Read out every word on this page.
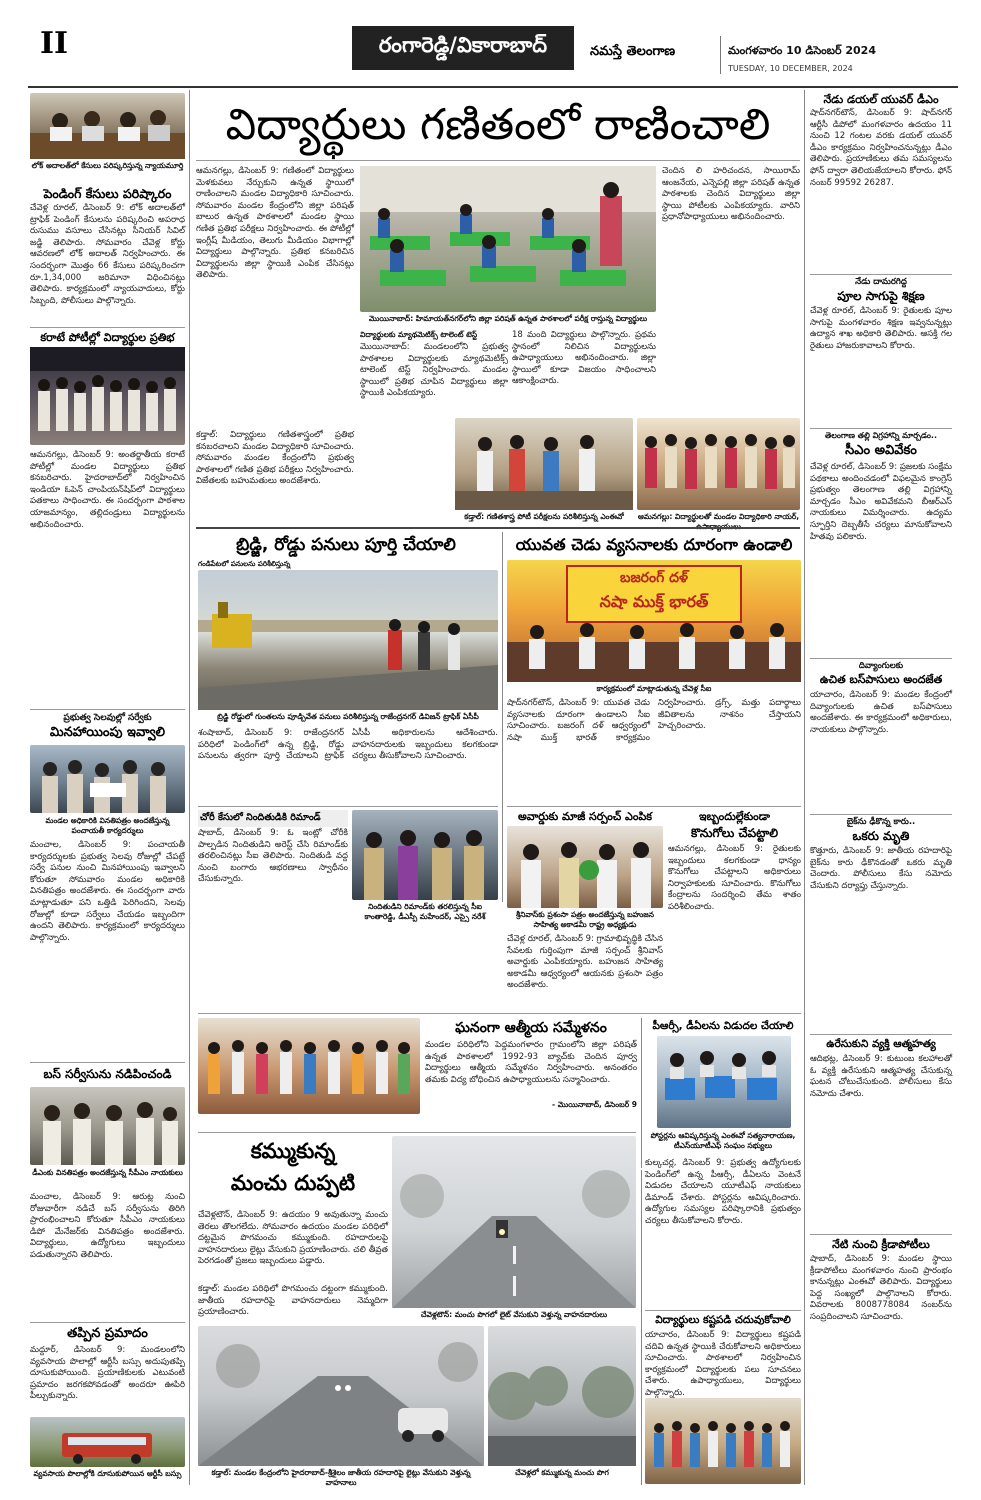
II	రంగారెడ్డి/వికారాబాద్	నమస్తే తెలంగాణ	మంగళవారం 10 డిసెంబర్ 2024
TUESDAY, 10 DECEMBER, 2024
లోక్ అదాలత్‌లో కేసులు పరిష్కరిస్తున్న న్యాయమూర్తి
పెండింగ్ కేసులు పరిష్కారం
చేవెళ్ల రూరల్, డిసెంబర్ 9: లోక్ అదాలత్‌లో ట్రాఫిక్ పెండింగ్ కేసులను పరిష్కరించి అపరాధ రుసుము వసూలు చేసినట్లు సీనియర్ సివిల్ జడ్జి తెలిపారు. సోమవారం చేవెళ్ల కోర్టు ఆవరణలో లోక్ అదాలత్ నిర్వహించారు. ఈ సందర్భంగా మొత్తం 66 కేసులు పరిష్కరించగా రూ.1,34,000 జరిమానా విధించినట్లు తెలిపారు. కార్యక్రమంలో న్యాయవాదులు, కోర్టు సిబ్బంది, పోలీసులు పాల్గొన్నారు.
కరాటే పోటీల్లో విద్యార్థుల ప్రతిభ
ఆమనగల్లు, డిసెంబర్ 9: అంతర్జాతీయ కరాటే పోటీల్లో మండల విద్యార్థులు ప్రతిభ కనబరిచారు. హైదరాబాద్‌లో నిర్వహించిన ఇండియా ఓపెన్ చాంపియన్‌షిప్‌లో విద్యార్థులు పతకాలు సాధించారు. ఈ సందర్భంగా పాఠశాల యాజమాన్యం, తల్లిదండ్రులు విద్యార్థులను అభినందించారు.
ప్రభుత్వ సెలవుల్లో సర్వేకు
మినహాయింపు ఇవ్వాలి
మండల అధికారికి వినతిపత్రం అందజేస్తున్న పంచాయతీ కార్యదర్శులు
మంచాల, డిసెంబర్ 9: పంచాయతీ కార్యదర్శులకు ప్రభుత్వ సెలవు రోజుల్లో చేపట్టే సర్వే పనుల నుంచి మినహాయింపు ఇవ్వాలని కోరుతూ సోమవారం మండల అధికారికి వినతిపత్రం అందజేశారు. ఈ సందర్భంగా వారు మాట్లాడుతూ పని ఒత్తిడి పెరిగిందని, సెలవు రోజుల్లో కూడా సర్వేలు చేయడం ఇబ్బందిగా ఉందని తెలిపారు. కార్యక్రమంలో కార్యదర్శులు పాల్గొన్నారు.
బస్ సర్వీసును నడిపించండి
డీఎంకు వినతిపత్రం అందజేస్తున్న సీపీఎం నాయకులు
మంచాల, డిసెంబర్ 9: ఆరుట్ల నుంచి రోజువారీగా నడిచే బస్ సర్వీసును తిరిగి ప్రారంభించాలని కోరుతూ సీపీఎం నాయకులు డిపో మేనేజర్‌కు వినతిపత్రం అందజేశారు. విద్యార్థులు, ఉద్యోగులు ఇబ్బందులు పడుతున్నారని తెలిపారు.
తప్పిన ప్రమాదం
మద్దూర్, డిసెంబర్ 9: మండలంలోని వ్యవసాయ పొలాల్లో ఆర్టీసీ బస్సు అదుపుతప్పి దూసుకుపోయింది. ప్రయాణికులకు ఎటువంటి ప్రమాదం జరగకపోవడంతో అందరూ ఊపిరి పీల్చుకున్నారు.
వ్యవసాయ పొలాల్లోకి దూసుకుపోయిన ఆర్టీసీ బస్సు
విద్యార్థులు గణితంలో రాణించాలి
ఆమనగల్లు, డిసెంబర్ 9: గణితంలో విద్యార్థులు మెళకువలు నేర్చుకుని ఉన్నత స్థాయిలో రాణించాలని మండల విద్యాధికారి సూచించారు. సోమవారం మండల కేంద్రంలోని జిల్లా పరిషత్ బాలుర ఉన్నత పాఠశాలలో మండల స్థాయి గణిత ప్రతిభ పరీక్షలు నిర్వహించారు. ఈ పోటీల్లో ఇంగ్లీష్ మీడియం, తెలుగు మీడియం విభాగాల్లో విద్యార్థులు పాల్గొన్నారు. ప్రతిభ కనబరిచిన విద్యార్థులను జిల్లా స్థాయికి ఎంపిక చేసినట్లు తెలిపారు.
కడ్తాల్: విద్యార్థులు గణితశాస్త్రంలో ప్రతిభ కనబరచాలని మండల విద్యాధికారి సూచించారు. సోమవారం మండల కేంద్రంలోని ప్రభుత్వ పాఠశాలలో గణిత ప్రతిభ పరీక్షలు నిర్వహించారు. విజేతలకు బహుమతులు అందజేశారు.
మొయినాబాద్: హిమాయత్‌నగర్‌లోని జిల్లా పరిషత్ ఉన్నత పాఠశాలలో పరీక్ష రాస్తున్న విద్యార్థులు
విద్యార్థులకు మ్యాథమెటిక్స్ టాలెంట్ టెస్ట్
మొయినాబాద్: మండలంలోని ప్రభుత్వ పాఠశాలల విద్యార్థులకు మ్యాథమెటిక్స్ టాలెంట్ టెస్ట్ నిర్వహించారు. మండల స్థాయిలో ప్రతిభ చూపిన విద్యార్థులు జిల్లా స్థాయికి ఎంపికయ్యారు.
18 మంది విద్యార్థులు పాల్గొన్నారు. ప్రథమ స్థానంలో నిలిచిన విద్యార్థులను ఉపాధ్యాయులు అభినందించారు. జిల్లా స్థాయిలో కూడా విజయం సాధించాలని ఆకాంక్షించారు.
చెందిన లి హరిచందన, సాయిరామ్ ఆంజనేయ, ఎన్నెపల్లి జిల్లా పరిషత్ ఉన్నత పాఠశాలకు చెందిన విద్యార్థులు జిల్లా స్థాయి పోటీలకు ఎంపికయ్యారు. వారిని ప్రధానోపాధ్యాయులు అభినందించారు.
కడ్తాల్: గణితశాస్త్ర పోటీ పరీక్షలను పరిశీలిస్తున్న ఎంఈవో	ఆమనగల్లు: విద్యార్థులతో మండల విద్యాధికారి నాయర్,
బ్రిడ్జి, రోడ్డు పనులు పూర్తి చేయాలి
గండిపేటలో పనులను పరిశీలిస్తున్న
బ్రిడ్జి రోడ్డులో గుంతలను పూడ్చివేత పనులు పరిశీలిస్తున్న రాజేంద్రనగర్ డివిజన్ ట్రాఫిక్ ఏసీపీ
శంషాబాద్, డిసెంబర్ 9: రాజేంద్రనగర్ పరిధిలో పెండింగ్‌లో ఉన్న బ్రిడ్జి, రోడ్డు పనులను త్వరగా పూర్తి చేయాలని ట్రాఫిక్ ఏసీపీ అధికారులను ఆదేశించారు. వాహనదారులకు ఇబ్బందులు కలగకుండా చర్యలు తీసుకోవాలని సూచించారు.
యువత చెడు వ్యసనాలకు దూరంగా ఉండాలి
బజరంగ్ దళ్
నషా ముక్త్ భారత్
కార్యక్రమంలో మాట్లాడుతున్న చేవెళ్ల సీఐ
షాద్‌నగర్‌టౌన్, డిసెంబర్ 9: యువత చెడు వ్యసనాలకు దూరంగా ఉండాలని సీఐ సూచించారు. బజరంగ్ దళ్ ఆధ్వర్యంలో నషా ముక్త్ భారత్ కార్యక్రమం నిర్వహించారు. డ్రగ్స్, మత్తు పదార్థాలు జీవితాలను నాశనం చేస్తాయని హెచ్చరించారు.
చోరీ కేసులో నిందితుడికి రిమాండ్
షాబాద్, డిసెంబర్ 9: ఓ ఇంట్లో చోరీకి పాల్పడిన నిందితుడిని అరెస్ట్ చేసి రిమాండ్‌కు తరలించినట్లు సీఐ తెలిపారు. నిందితుడి వద్ద నుంచి బంగారు ఆభరణాలు స్వాధీనం చేసుకున్నారు.
నిందితుడిని రిమాండ్‌కు తరలిస్తున్న సీఐ కాంతారెడ్డి, డీఎస్పీ మహేందర్, ఎస్సై నరేశ్
అవార్డుకు మాజీ సర్పంచ్ ఎంపిక
శ్రీనివాస్‌కు ప్రశంసా పత్రం అందజేస్తున్న బహుజన సాహిత్య అకాడమీ రాష్ట్ర అధ్యక్షుడు
చేవెళ్ల రూరల్, డిసెంబర్ 9: గ్రామాభివృద్ధికి చేసిన సేవలకు గుర్తింపుగా మాజీ సర్పంచ్ శ్రీనివాస్ అవార్డుకు ఎంపికయ్యారు. బహుజన సాహిత్య అకాడమీ ఆధ్వర్యంలో ఆయనకు ప్రశంసా పత్రం అందజేశారు.
ఇబ్బందుల్లేకుండా
కొనుగోలు చేపట్టాలి
ఆమనగల్లు, డిసెంబర్ 9: రైతులకు ఇబ్బందులు కలగకుండా ధాన్యం కొనుగోలు చేపట్టాలని అధికారులు నిర్వాహకులకు సూచించారు. కొనుగోలు కేంద్రాలను సందర్శించి తేమ శాతం పరిశీలించారు.
ఘనంగా ఆత్మీయ సమ్మేళనం
మండల పరిధిలోని పెద్దమంగళారం గ్రామంలోని జిల్లా పరిషత్ ఉన్నత పాఠశాలలో 1992-93 బ్యాచ్‌కు చెందిన పూర్వ విద్యార్థులు ఆత్మీయ సమ్మేళనం నిర్వహించారు. అనంతరం తమకు విద్య బోధించిన ఉపాధ్యాయులను సన్మానించారు.
- మొయినాబాద్, డిసెంబర్ 9
పీఆర్సీ, డీఏలను విడుదల చేయాలి
పోస్టర్లను ఆవిష్కరిస్తున్న ఎంఈవో సత్యనారాయణ, టీఎస్‌యూటీఎఫ్ సంఘం సభ్యులు
కమ్ముకున్న
మంచు దుప్పటి
చేవెళ్లటౌన్, డిసెంబర్ 9: ఉదయం 9 అవుతున్నా మంచు తెరలు తొలగలేదు. సోమవారం ఉదయం మండల పరిధిలో దట్టమైన పొగమంచు కమ్ముకుంది. రహదారులపై వాహనదారులు లైట్లు వేసుకుని ప్రయాణించారు. చలి తీవ్రత పెరగడంతో ప్రజలు ఇబ్బందులు పడ్డారు.
కడ్తాల్: మండల పరిధిలో పొగమంచు దట్టంగా కమ్ముకుంది. జాతీయ రహదారిపై వాహనదారులు నెమ్మదిగా ప్రయాణించారు.	చేవెళ్లటౌన్: మంచు పొగలో లైట్ వేసుకుని వెళ్తున్న వాహనదారులు
కడ్తాల్: మండల కేంద్రంలోని హైదరాబాద్-శ్రీశైలం జాతీయ రహదారిపై లైట్లు వేసుకుని వెళ్తున్న వాహనాలు
చేవెళ్లలో కమ్ముకున్న మంచు పొగ
కుల్కచర్ల, డిసెంబర్ 9: ప్రభుత్వ ఉద్యోగులకు పెండింగ్‌లో ఉన్న పీఆర్సీ, డీఏలను వెంటనే విడుదల చేయాలని యూటీఎఫ్ నాయకులు డిమాండ్ చేశారు. పోస్టర్లను ఆవిష్కరించారు. ఉద్యోగుల సమస్యల పరిష్కారానికి ప్రభుత్వం చర్యలు తీసుకోవాలని కోరారు.
విద్యార్థులు కష్టపడి చదువుకోవాలి
యాచారం, డిసెంబర్ 9: విద్యార్థులు కష్టపడి చదివి ఉన్నత స్థాయికి చేరుకోవాలని అధికారులు సూచించారు. పాఠశాలలో నిర్వహించిన కార్యక్రమంలో విద్యార్థులకు పలు సూచనలు చేశారు. ఉపాధ్యాయులు, విద్యార్థులు పాల్గొన్నారు.
నేడు డయల్ యువర్ డీఎం
షాద్‌నగర్‌టౌన్, డిసెంబర్ 9: షాద్‌నగర్ ఆర్టీసీ డిపోలో మంగళవారం ఉదయం 11 నుంచి 12 గంటల వరకు డయల్ యువర్ డీఎం కార్యక్రమం నిర్వహించనున్నట్లు డీఎం తెలిపారు. ప్రయాణికులు తమ సమస్యలను ఫోన్ ద్వారా తెలియజేయాలని కోరారు. ఫోన్ నంబర్ 99592 26287.
నేడు దామరగిద్ద
పూల సాగుపై శిక్షణ
చేవెళ్ల రూరల్, డిసెంబర్ 9: రైతులకు పూల సాగుపై మంగళవారం శిక్షణ ఇవ్వనున్నట్లు ఉద్యాన శాఖ అధికారి తెలిపారు. ఆసక్తి గల రైతులు హాజరుకావాలని కోరారు.
తెలంగాణ తల్లి విగ్రహాన్ని మార్చడం..
సీఎం అవివేకం
చేవెళ్ల రూరల్, డిసెంబర్ 9: ప్రజలకు సంక్షేమ పథకాలు అందించడంలో విఫలమైన కాంగ్రెస్ ప్రభుత్వం తెలంగాణ తల్లి విగ్రహాన్ని మార్చడం సీఎం అవివేకమని బీఆర్‌ఎస్ నాయకులు విమర్శించారు. ఉద్యమ స్ఫూర్తిని దెబ్బతీసే చర్యలు మానుకోవాలని హితవు పలికారు.
దివ్యాంగులకు
ఉచిత బస్‌పాసులు అందజేత
యాచారం, డిసెంబర్ 9: మండల కేంద్రంలో దివ్యాంగులకు ఉచిత బస్‌పాసులు అందజేశారు. ఈ కార్యక్రమంలో అధికారులు, నాయకులు పాల్గొన్నారు.
బైక్‌ను ఢీకొన్న కారు..
ఒకరు మృతి
కొత్తూరు, డిసెంబర్ 9: జాతీయ రహదారిపై బైక్‌ను కారు ఢీకొనడంతో ఒకరు మృతి చెందారు. పోలీసులు కేసు నమోదు చేసుకుని దర్యాప్తు చేస్తున్నారు.
ఉరేసుకుని వ్యక్తి ఆత్మహత్య
ఆదిభట్ల, డిసెంబర్ 9: కుటుంబ కలహాలతో ఓ వ్యక్తి ఉరేసుకుని ఆత్మహత్య చేసుకున్న ఘటన చోటుచేసుకుంది. పోలీసులు కేసు నమోదు చేశారు.
నేటి నుంచి క్రీడాపోటీలు
షాబాద్, డిసెంబర్ 9: మండల స్థాయి క్రీడాపోటీలు మంగళవారం నుంచి ప్రారంభం కానున్నట్లు ఎంఈవో తెలిపారు. విద్యార్థులు పెద్ద సంఖ్యలో పాల్గొనాలని కోరారు. వివరాలకు 8008778084 నంబర్‌ను సంప్రదించాలని సూచించారు.
